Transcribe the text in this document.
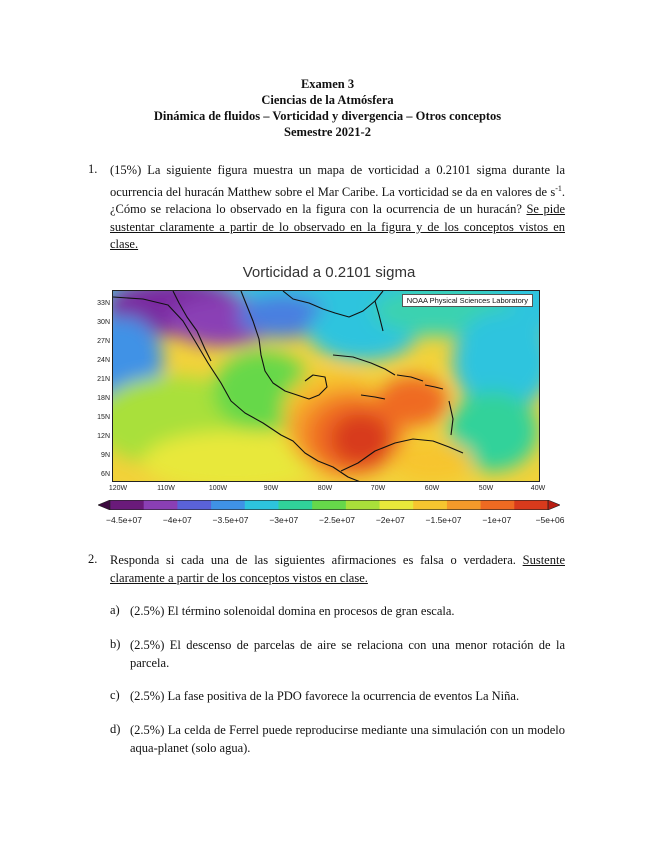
Examen 3
Ciencias de la Atmósfera
Dinámica de fluidos – Vorticidad y divergencia – Otros conceptos
Semestre 2021-2
1. (15%) La siguiente figura muestra un mapa de vorticidad a 0.2101 sigma durante la ocurrencia del huracán Matthew sobre el Mar Caribe. La vorticidad se da en valores de $s^{-1}$. ¿Cómo se relaciona lo observado en la figura con la ocurrencia de un huracán? Se pide sustentar claramente a partir de lo observado en la figura y de los conceptos vistos en clase.
Vorticidad a 0.2101 sigma
NOAA Physical Sciences Laboratory
33N
30N
27N
24N
21N
18N
15N
12N
9N
6N
120W	110W	100W	90W	80W	70W	60W	50W	40W
−4.5e+07	−4e+07	−3.5e+07	−3e+07	−2.5e+07	−2e+07	−1.5e+07	−1e+07	−5e+06
2. Responda si cada una de las siguientes afirmaciones es falsa o verdadera. Sustente claramente a partir de los conceptos vistos en clase.
a) (2.5%) El término solenoidal domina en procesos de gran escala.
b) (2.5%) El descenso de parcelas de aire se relaciona con una menor rotación de la parcela.
c) (2.5%) La fase positiva de la PDO favorece la ocurrencia de eventos La Niña.
d) (2.5%) La celda de Ferrel puede reproducirse mediante una simulación con un modelo aqua-planet (solo agua).
